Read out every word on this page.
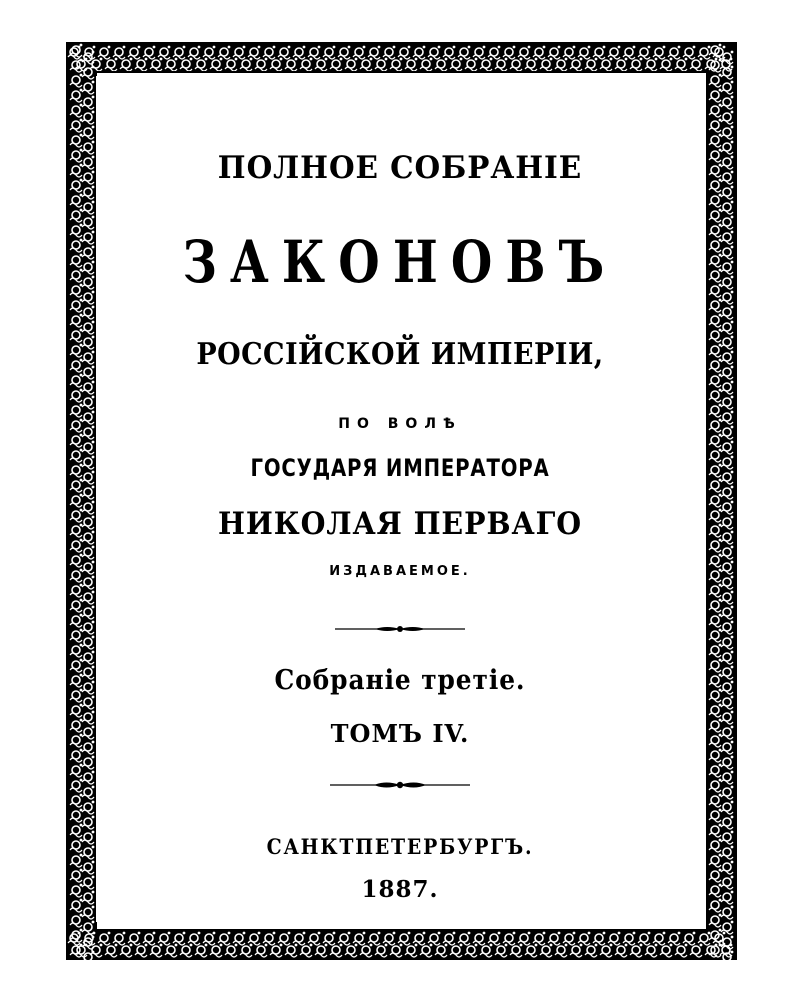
ПОЛНОЕ СОБРАНІЕ
ЗАКОНОВЪ
РОССІЙСКОЙ ИМПЕРІИ,
ПО ВОЛѢ
ГОСУДАРЯ ИМПЕРАТОРА
НИКОЛАЯ ПЕРВАГО
ИЗДАВАЕМОЕ.
Собраніе третіе.
ТОМЪ IV.
САНКТПЕТЕРБУРГЪ.
1887.
